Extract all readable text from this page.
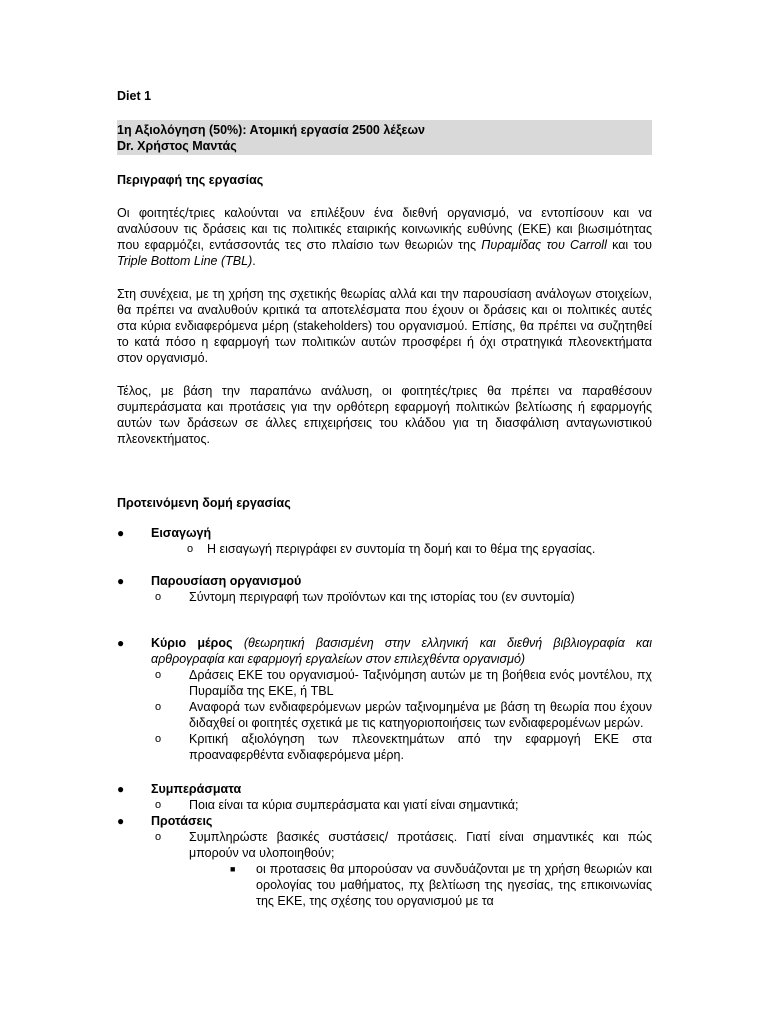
Diet 1
1η Αξιολόγηση (50%): Ατομική εργασία 2500 λέξεων
Dr. Χρήστος Μαντάς
Περιγραφή της εργασίας
Οι φοιτητές/τριες καλούνται να επιλέξουν ένα διεθνή οργανισμό, να εντοπίσουν και να αναλύσουν τις δράσεις και τις πολιτικές εταιρικής κοινωνικής ευθύνης (ΕΚΕ) και βιωσιμότητας που εφαρμόζει, εντάσσοντάς τες στο πλαίσιο των θεωριών της Πυραμίδας του Carroll και του Triple Bottom Line (TBL).
Στη συνέχεια, με τη χρήση της σχετικής θεωρίας αλλά και την παρουσίαση ανάλογων στοιχείων, θα πρέπει να αναλυθούν κριτικά τα αποτελέσματα που έχουν οι δράσεις και οι πολιτικές αυτές στα κύρια ενδιαφερόμενα μέρη (stakeholders) του οργανισμού. Επίσης, θα πρέπει να συζητηθεί το κατά πόσο η εφαρμογή των πολιτικών αυτών προσφέρει ή όχι στρατηγικά πλεονεκτήματα στον οργανισμό.
Τέλος, με βάση την παραπάνω ανάλυση, οι φοιτητές/τριες θα πρέπει να παραθέσουν συμπεράσματα και προτάσεις για την ορθότερη εφαρμογή πολιτικών βελτίωσης ή εφαρμογής αυτών των δράσεων σε άλλες επιχειρήσεις του κλάδου για τη διασφάλιση ανταγωνιστικού πλεονεκτήματος.
Προτεινόμενη δομή εργασίας
● Εισαγωγή
o Η εισαγωγή περιγράφει εν συντομία τη δομή και το θέμα της εργασίας.
● Παρουσίαση οργανισμού
o Σύντομη περιγραφή των προϊόντων και της ιστορίας του (εν συντομία)
● Κύριο μέρος (θεωρητική βασισμένη στην ελληνική και διεθνή βιβλιογραφία και αρθρογραφία και εφαρμογή εργαλείων στον επιλεχθέντα οργανισμό)
o Δράσεις ΕΚΕ του οργανισμού- Ταξινόμηση αυτών με τη βοήθεια ενός μοντέλου, πχ Πυραμίδα της ΕΚΕ, ή TBL
o Αναφορά των ενδιαφερόμενων μερών ταξινομημένα με βάση τη θεωρία που έχουν διδαχθεί οι φοιτητές σχετικά με τις κατηγοριοποιήσεις των ενδιαφερομένων μερών.
o Κριτική αξιολόγηση των πλεονεκτημάτων από την εφαρμογή ΕΚΕ στα προαναφερθέντα ενδιαφερόμενα μέρη.
● Συμπεράσματα
o Ποια είναι τα κύρια συμπεράσματα και γιατί είναι σημαντικά;
● Προτάσεις
o Συμπληρώστε βασικές συστάσεις/ προτάσεις. Γιατί είναι σημαντικές και πώς μπορούν να υλοποιηθούν;
■ οι προτασεις θα μπορούσαν να συνδυάζονται με τη χρήση θεωριών και ορολογίας του μαθήματος, πχ βελτίωση της ηγεσίας, της επικοινωνίας της ΕΚΕ, της σχέσης του οργανισμού με τα
